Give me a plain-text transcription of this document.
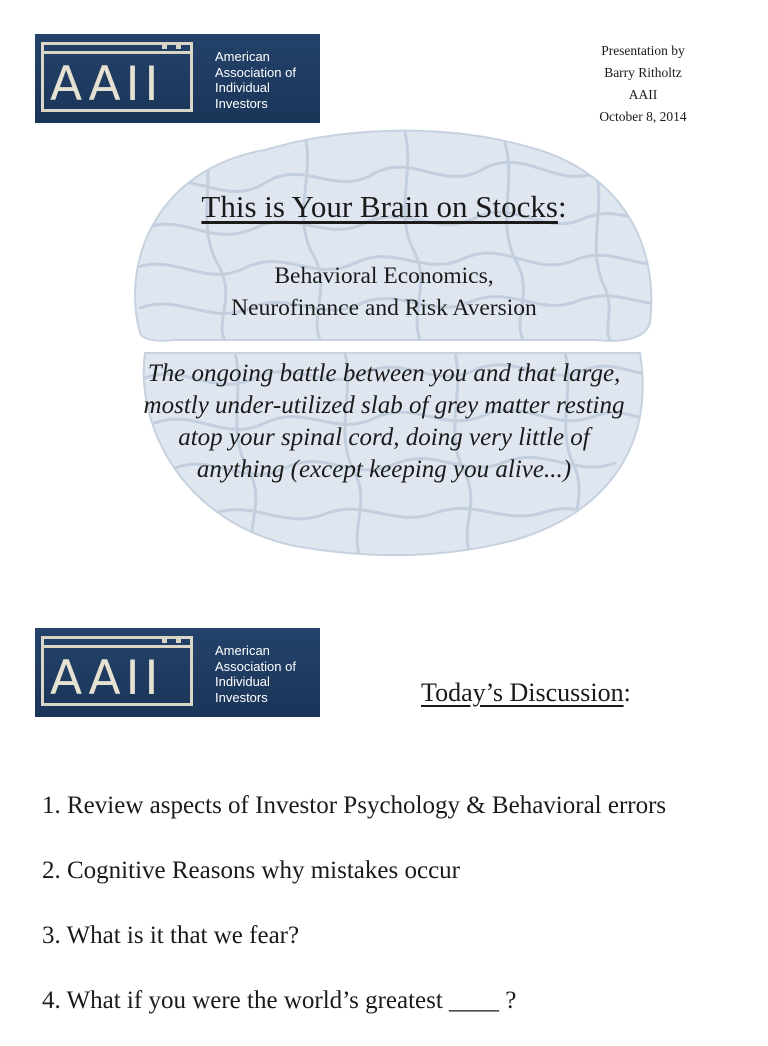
AAII
American
Association of
Individual
Investors
Presentation by
Barry Ritholtz
AAII
October 8, 2014
This is Your Brain on Stocks:
Behavioral Economics,
Neurofinance and Risk Aversion
The ongoing battle between you and that large,
mostly under-utilized slab of grey matter resting
atop your spinal cord, doing very little of
anything (except keeping you alive...)
AAII
American
Association of
Individual
Investors	Today’s Discussion:
1. Review aspects of Investor Psychology & Behavioral errors
2. Cognitive Reasons why mistakes occur
3. What is it that we fear?
4. What if you were the world’s greatest ____ ?
